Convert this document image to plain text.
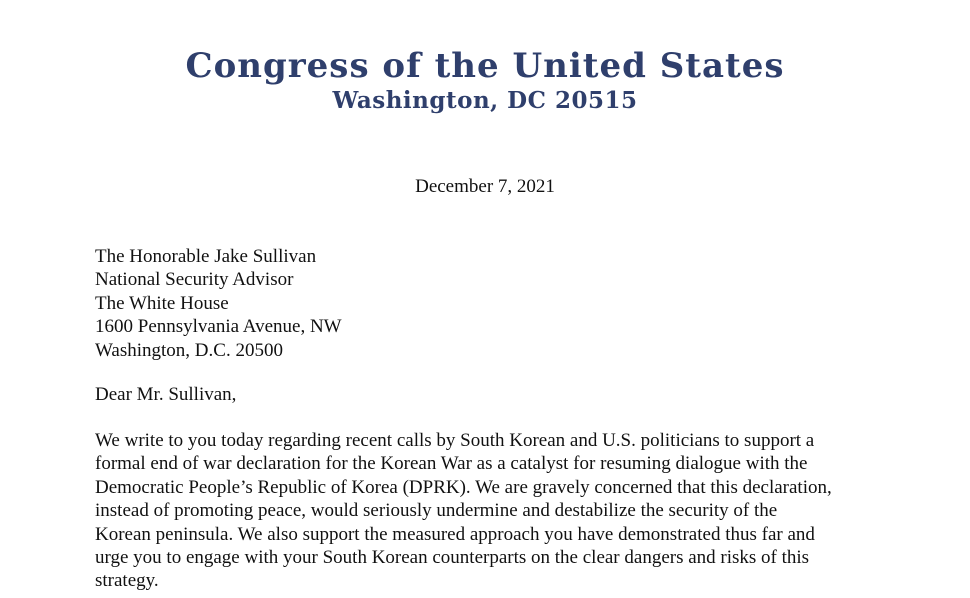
Congress of the United States
Washington, DC 20515
December 7, 2021
The Honorable Jake Sullivan
National Security Advisor
The White House
1600 Pennsylvania Avenue, NW
Washington, D.C. 20500
Dear Mr. Sullivan,
We write to you today regarding recent calls by South Korean and U.S. politicians to support a
formal end of war declaration for the Korean War as a catalyst for resuming dialogue with the
Democratic People’s Republic of Korea (DPRK). We are gravely concerned that this declaration,
instead of promoting peace, would seriously undermine and destabilize the security of the
Korean peninsula. We also support the measured approach you have demonstrated thus far and
urge you to engage with your South Korean counterparts on the clear dangers and risks of this
strategy.
